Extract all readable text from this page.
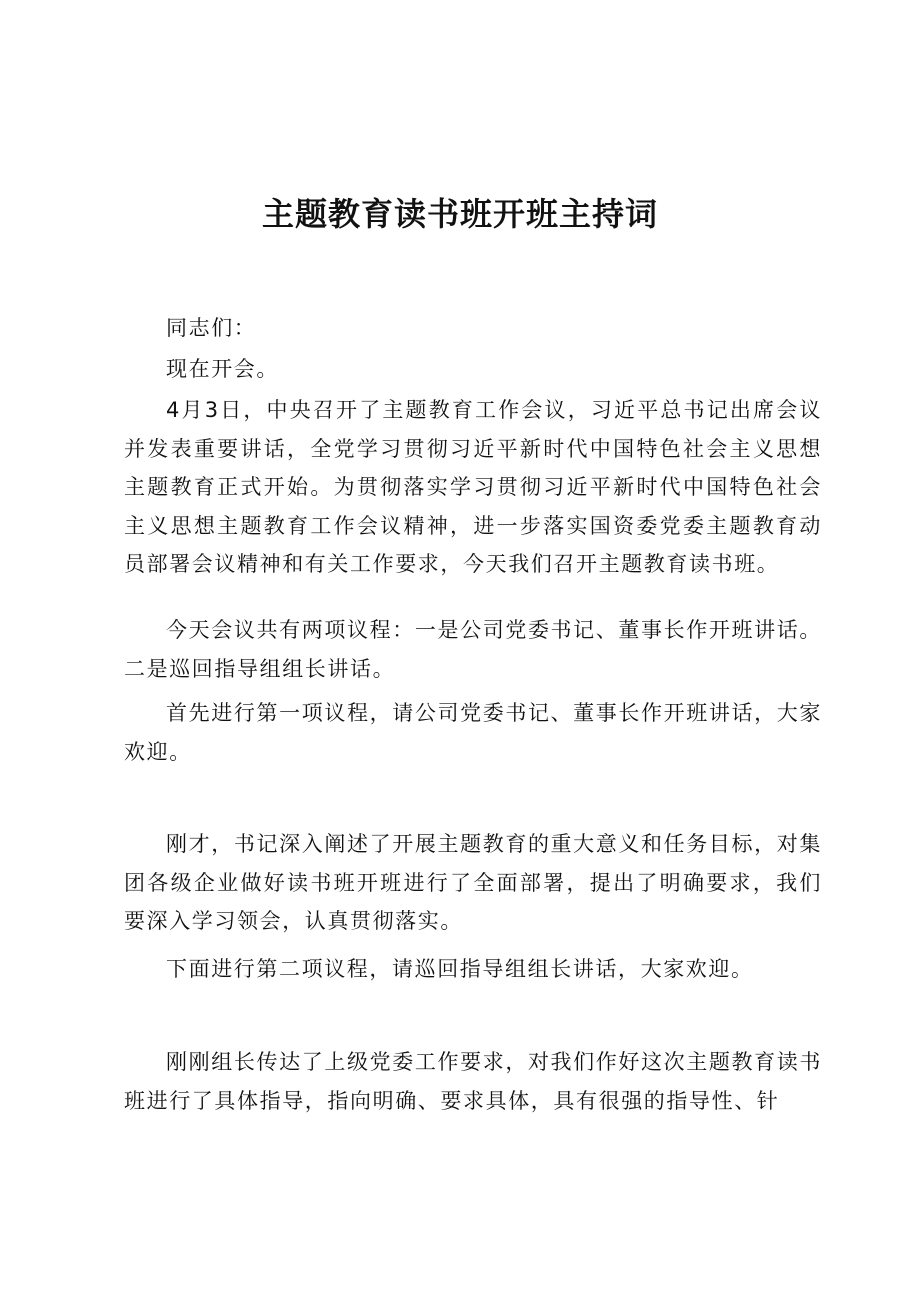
主题教育读书班开班主持词

同志们：

现在开会。

4月3日，中央召开了主题教育工作会议，习近平总书记出席会议并发表重要讲话，全党学习贯彻习近平新时代中国特色社会主义思想主题教育正式开始。为贯彻落实学习贯彻习近平新时代中国特色社会主义思想主题教育工作会议精神，进一步落实国资委党委主题教育动员部署会议精神和有关工作要求，今天我们召开主题教育读书班。

今天会议共有两项议程：一是公司党委书记、董事长作开班讲话。二是巡回指导组组长讲话。

首先进行第一项议程，请公司党委书记、董事长作开班讲话，大家欢迎。

刚才，书记深入阐述了开展主题教育的重大意义和任务目标，对集团各级企业做好读书班开班进行了全面部署，提出了明确要求，我们要深入学习领会，认真贯彻落实。

下面进行第二项议程，请巡回指导组组长讲话，大家欢迎。

刚刚组长传达了上级党委工作要求，对我们作好这次主题教育读书班进行了具体指导，指向明确、要求具体，具有很强的指导性、针
